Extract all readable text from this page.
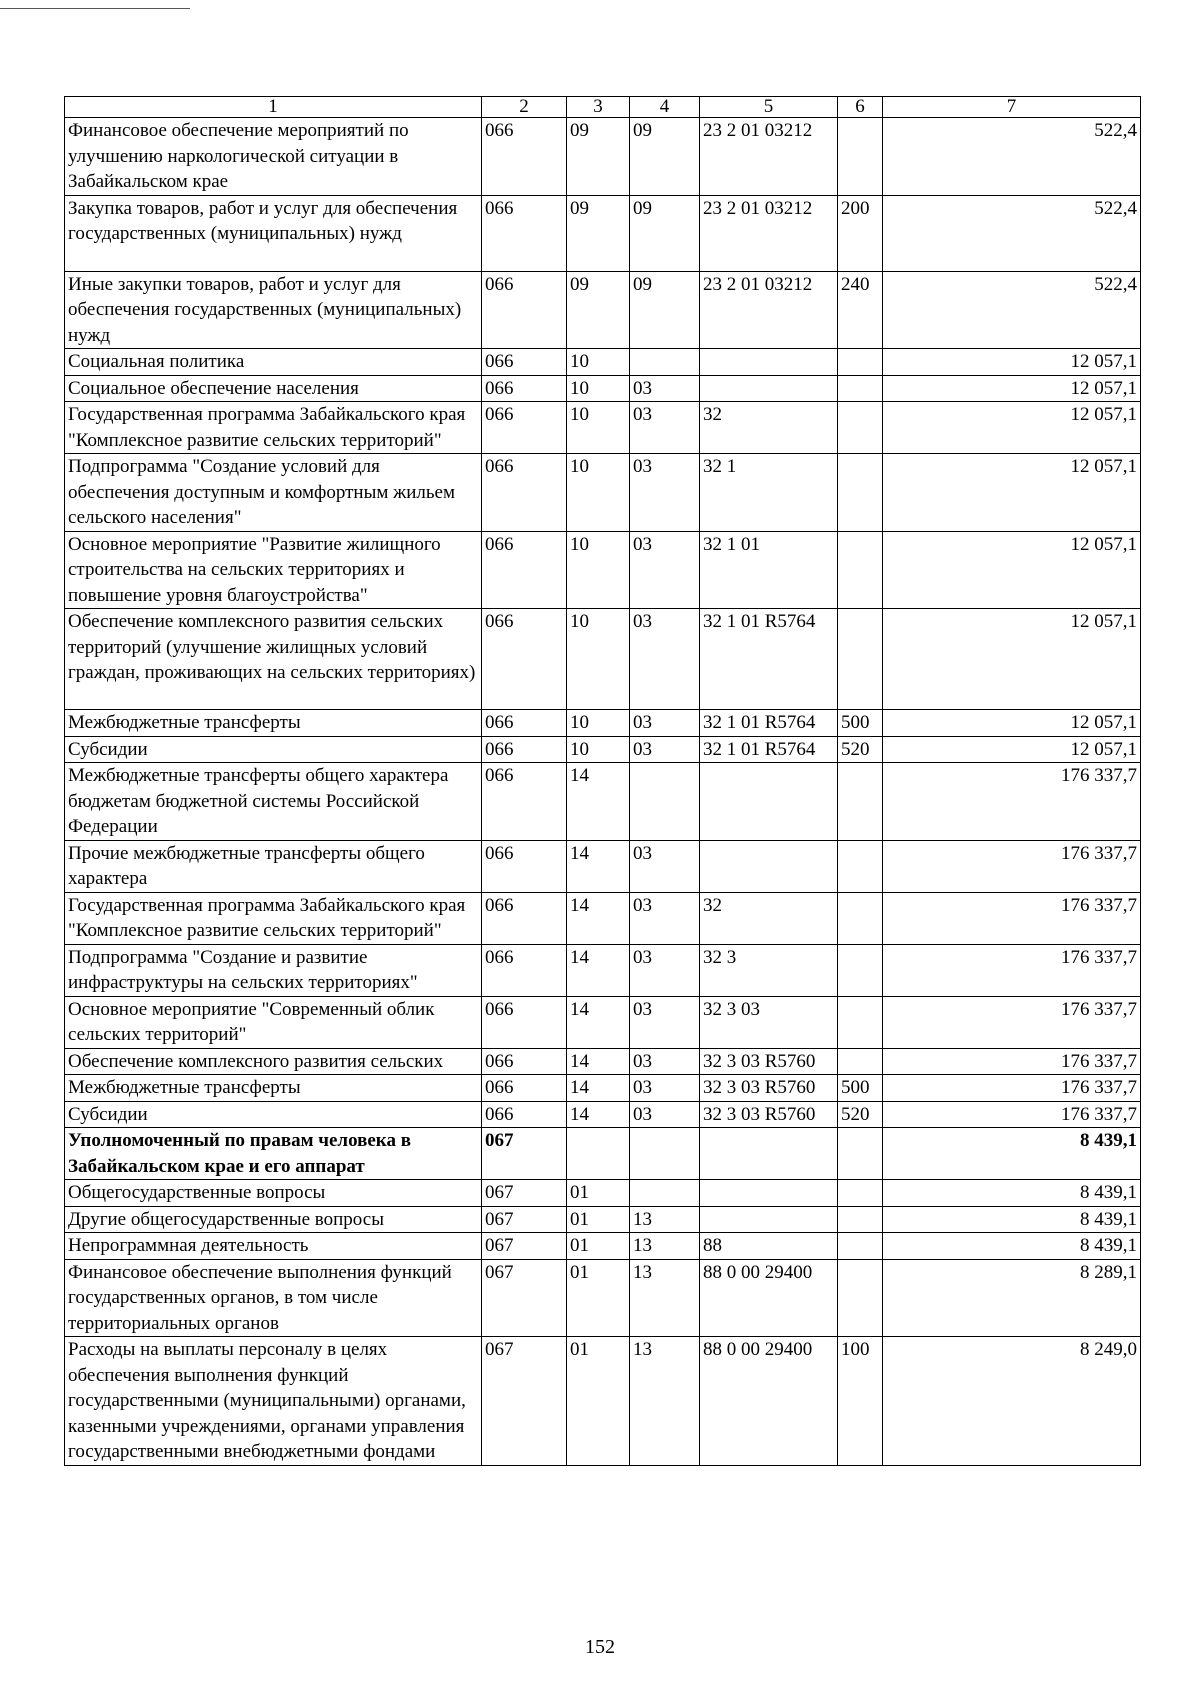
1	2	3	4	5	6	7
Финансовое обеспечение мероприятий по улучшению наркологической ситуации в Забайкальском крае	066	09	09	23 2 01 03212		522,4
Закупка товаров, работ и услуг для обеспечения государственных (муниципальных) нужд	066	09	09	23 2 01 03212	200	522,4
Иные закупки товаров, работ и услуг для обеспечения государственных (муниципальных) нужд	066	09	09	23 2 01 03212	240	522,4
Социальная политика	066	10				12 057,1
Социальное обеспечение населения	066	10	03			12 057,1
Государственная программа Забайкальского края "Комплексное развитие сельских территорий"	066	10	03	32		12 057,1
Подпрограмма "Создание условий для обеспечения доступным и комфортным жильем сельского населения"	066	10	03	32 1		12 057,1
Основное мероприятие "Развитие жилищного строительства на сельских территориях и повышение уровня благоустройства"	066	10	03	32 1 01		12 057,1
Обеспечение комплексного развития сельских территорий (улучшение жилищных условий граждан, проживающих на сельских территориях)	066	10	03	32 1 01 R5764		12 057,1
Межбюджетные трансферты	066	10	03	32 1 01 R5764	500	12 057,1
Субсидии	066	10	03	32 1 01 R5764	520	12 057,1
Межбюджетные трансферты общего характера бюджетам бюджетной системы Российской Федерации	066	14				176 337,7
Прочие межбюджетные трансферты общего характера	066	14	03			176 337,7
Государственная программа Забайкальского края "Комплексное развитие сельских территорий"	066	14	03	32		176 337,7
Подпрограмма "Создание и развитие инфраструктуры на сельских территориях"	066	14	03	32 3		176 337,7
Основное мероприятие "Современный облик сельских территорий"	066	14	03	32 3 03		176 337,7
Обеспечение комплексного развития сельских	066	14	03	32 3 03 R5760		176 337,7
Межбюджетные трансферты	066	14	03	32 3 03 R5760	500	176 337,7
Субсидии	066	14	03	32 3 03 R5760	520	176 337,7
Уполномоченный по правам человека в Забайкальском крае и его аппарат	067					8 439,1
Общегосударственные вопросы	067	01				8 439,1
Другие общегосударственные вопросы	067	01	13			8 439,1
Непрограммная деятельность	067	01	13	88		8 439,1
Финансовое обеспечение выполнения функций государственных органов, в том числе территориальных органов	067	01	13	88 0 00 29400		8 289,1
Расходы на выплаты персоналу в целях обеспечения выполнения функций государственными (муниципальными) органами, казенными учреждениями, органами управления государственными внебюджетными фондами	067	01	13	88 0 00 29400	100	8 249,0
152
